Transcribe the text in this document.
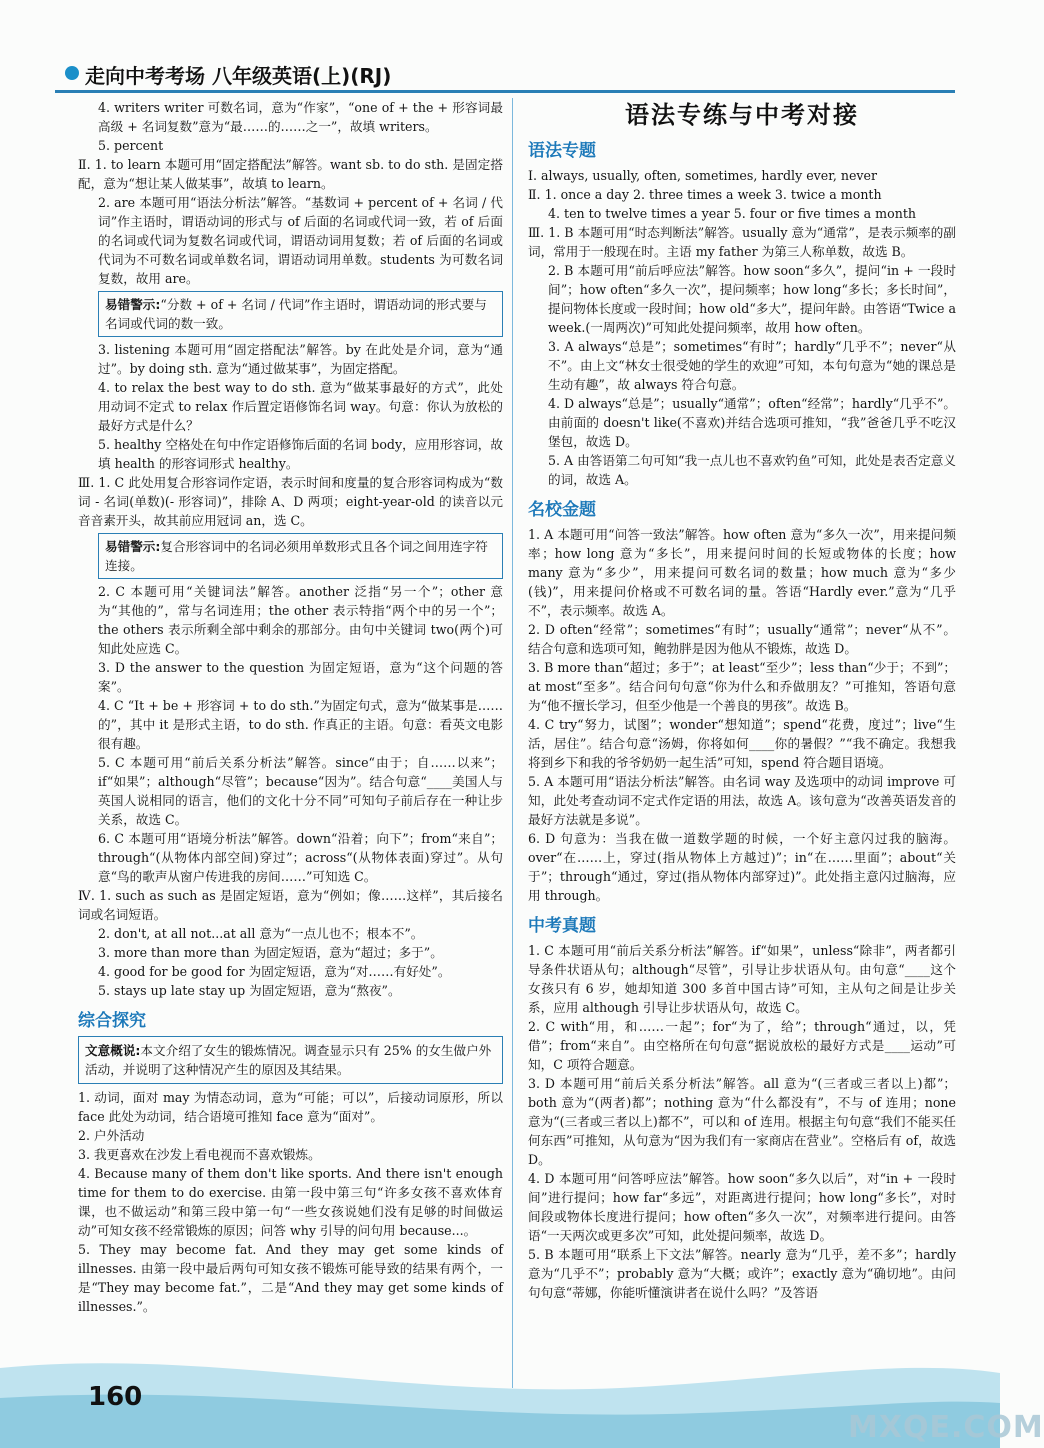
走向中考考场 八年级英语(上)(RJ)

4. writers writer 可数名词，意为“作家”，“one of + the + 形容词最高级 + 名词复数”意为“最……的……之一”，故填 writers。

5. percent

Ⅱ. 1. to learn 本题可用“固定搭配法”解答。want sb. to do sth. 是固定搭配，意为“想让某人做某事”，故填 to learn。

2. are 本题可用“语法分析法”解答。“基数词 + percent of + 名词 / 代词”作主语时，谓语动词的形式与 of 后面的名词或代词一致，若 of 后面的名词或代词为复数名词或代词，谓语动词用复数；若 of 后面的名词或代词为不可数名词或单数名词，谓语动词用单数。students 为可数名词复数，故用 are。

易错警示:“分数 + of + 名词 / 代词”作主语时，谓语动词的形式要与名词或代词的数一致。

3. listening 本题可用“固定搭配法”解答。by 在此处是介词，意为“通过”。by doing sth. 意为“通过做某事”，为固定搭配。

4. to relax the best way to do sth. 意为“做某事最好的方式”，此处用动词不定式 to relax 作后置定语修饰名词 way。句意：你认为放松的最好方式是什么？

5. healthy 空格处在句中作定语修饰后面的名词 body，应用形容词，故填 health 的形容词形式 healthy。

Ⅲ. 1. C 此处用复合形容词作定语，表示时间和度量的复合形容词构成为“数词 - 名词(单数)(- 形容词)”，排除 A、D 两项；eight-year-old 的读音以元音音素开头，故其前应用冠词 an，选 C。

易错警示:复合形容词中的名词必须用单数形式且各个词之间用连字符连接。

2. C 本题可用“关键词法”解答。another 泛指“另一个”；other 意为“其他的”，常与名词连用；the other 表示特指“两个中的另一个”；the others 表示所剩全部中剩余的那部分。由句中关键词 two(两个)可知此处应选 C。

3. D the answer to the question 为固定短语，意为“这个问题的答案”。

4. C “It + be + 形容词 + to do sth.”为固定句式，意为“做某事是……的”，其中 it 是形式主语，to do sth. 作真正的主语。句意：看英文电影很有趣。

5. C 本题可用“前后关系分析法”解答。since“由于；自……以来”；if“如果”；although“尽管”；because“因为”。结合句意“____美国人与英国人说相同的语言，他们的文化十分不同”可知句子前后存在一种让步关系，故选 C。

6. C 本题可用“语境分析法”解答。down“沿着；向下”；from“来自”；through“(从物体内部空间)穿过”；across“(从物体表面)穿过”。从句意“鸟的歌声从窗户传进我的房间……”可知选 C。

Ⅳ. 1. such as such as 是固定短语，意为“例如；像……这样”，其后接名词或名词短语。

2. don't, at all not...at all 意为“一点儿也不；根本不”。

3. more than more than 为固定短语，意为“超过；多于”。

4. good for be good for 为固定短语，意为“对……有好处”。

5. stays up late stay up 为固定短语，意为“熬夜”。

综合探究
文意概说:本文介绍了女生的锻炼情况。调查显示只有 25% 的女生做户外活动，并说明了这种情况产生的原因及其结果。

1. 动词，面对 may 为情态动词，意为“可能；可以”，后接动词原形，所以 face 此处为动词，结合语境可推知 face 意为“面对”。

2. 户外活动

3. 我更喜欢在沙发上看电视而不喜欢锻炼。

4. Because many of them don't like sports. And there isn't enough time for them to do exercise. 由第一段中第三句“许多女孩不喜欢体育课，也不做运动”和第三段中第一句“一些女孩说她们没有足够的时间做运动”可知女孩不经常锻炼的原因；问答 why 引导的问句用 because...。

5. They may become fat. And they may get some kinds of illnesses. 由第一段中最后两句可知女孩不锻炼可能导致的结果有两个，一是“They may become fat.”，二是“And they may get some kinds of illnesses.”。

语法专练与中考对接
语法专题

Ⅰ. always, usually, often, sometimes, hardly ever, never

Ⅱ. 1. once a day 2. three times a week 3. twice a month

4. ten to twelve times a year 5. four or five times a month

Ⅲ. 1. B 本题可用“时态判断法”解答。usually 意为“通常”，是表示频率的副词，常用于一般现在时。主语 my father 为第三人称单数，故选 B。

2. B 本题可用“前后呼应法”解答。how soon“多久”，提问“in + 一段时间”；how often“多久一次”，提问频率；how long“多长；多长时间”，提问物体长度或一段时间；how old“多大”，提问年龄。由答语“Twice a week.(一周两次)”可知此处提问频率，故用 how often。

3. A always“总是”；sometimes“有时”；hardly“几乎不”；never“从不”。由上文“林女士很受她的学生的欢迎”可知，本句句意为“她的课总是生动有趣”，故 always 符合句意。

4. D always“总是”；usually“通常”；often“经常”；hardly“几乎不”。由前面的 doesn't like(不喜欢)并结合选项可推知，“我”爸爸几乎不吃汉堡包，故选 D。

5. A 由答语第二句可知“我一点儿也不喜欢钓鱼”可知，此处是表否定意义的词，故选 A。

名校金题

1. A 本题可用“问答一致法”解答。how often 意为“多久一次”，用来提问频率；how long 意为“多长”，用来提问时间的长短或物体的长度；how many 意为“多少”，用来提问可数名词的数量；how much 意为“多少(钱)”，用来提问价格或不可数名词的量。答语“Hardly ever.”意为“几乎不”，表示频率。故选 A。

2. D often“经常”；sometimes“有时”；usually“通常”；never“从不”。结合句意和选项可知，鲍勃胖是因为他从不锻炼，故选 D。

3. B more than“超过；多于”；at least“至少”；less than“少于；不到”；at most“至多”。结合问句句意“你为什么和乔做朋友？”可推知，答语句意为“他不擅长学习，但至少他是一个善良的男孩”。故选 B。

4. C try“努力，试图”；wonder“想知道”；spend“花费，度过”；live“生活，居住”。结合句意“汤姆，你将如何____你的暑假？”“我不确定。我想我将到乡下和我的爷爷奶奶一起生活”可知，spend 符合题目语境。

5. A 本题可用“语法分析法”解答。由名词 way 及选项中的动词 improve 可知，此处考查动词不定式作定语的用法，故选 A。该句意为“改善英语发音的最好方法就是多说”。

6. D 句意为：当我在做一道数学题的时候，一个好主意闪过我的脑海。over“在……上，穿过(指从物体上方越过)”；in“在……里面”；about“关于”；through“通过，穿过(指从物体内部穿过)”。此处指主意闪过脑海，应用 through。

中考真题

1. C 本题可用“前后关系分析法”解答。if“如果”，unless“除非”，两者都引导条件状语从句；although“尽管”，引导让步状语从句。由句意“____这个女孩只有 6 岁，她却知道 300 多首中国古诗”可知，主从句之间是让步关系，应用 although 引导让步状语从句，故选 C。

2. C with“用，和……一起”；for“为了，给”；through“通过，以，凭借”；from“来自”。由空格所在句句意“据说放松的最好方式是____运动”可知，C 项符合题意。

3. D 本题可用“前后关系分析法”解答。all 意为“(三者或三者以上)都”；both 意为“(两者)都”；nothing 意为“什么都没有”，不与 of 连用；none 意为“(三者或三者以上)都不”，可以和 of 连用。根据主句句意“我们不能买任何东西”可推知，从句意为“因为我们有一家商店在营业”。空格后有 of，故选 D。

4. D 本题可用“问答呼应法”解答。how soon“多久以后”，对“in + 一段时间”进行提问；how far“多远”，对距离进行提问；how long“多长”，对时间段或物体长度进行提问；how often“多久一次”，对频率进行提问。由答语“一天两次或更多次”可知，此处提问频率，故选 D。

5. B 本题可用“联系上下文法”解答。nearly 意为“几乎，差不多”；hardly 意为“几乎不”；probably 意为“大概；或许”；exactly 意为“确切地”。由问句句意“蒂娜，你能听懂演讲者在说什么吗？”及答语

160
MXQE.COM
